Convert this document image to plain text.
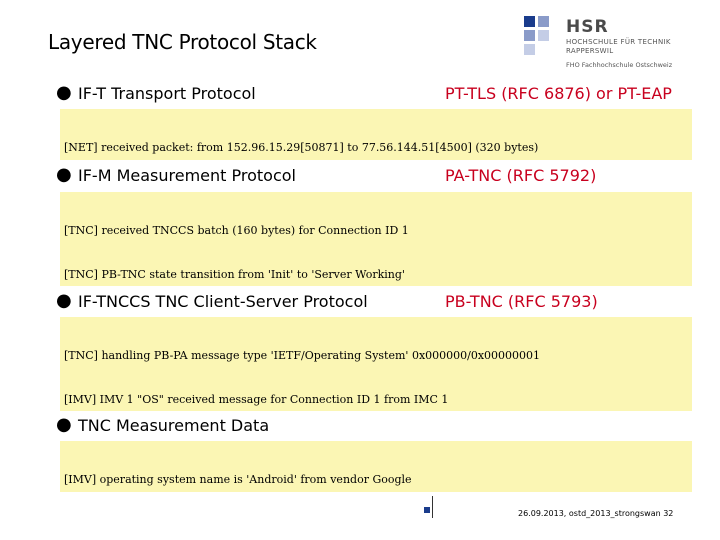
Layered TNC Protocol Stack
HSR
HOCHSCHULE FÜR TECHNIK
RAPPERSWIL
FHO Fachhochschule Ostschweiz
● IF-T Transport Protocol	PT-TLS (RFC 6876) or PT-EAP

[NET] received packet: from 152.96.15.29[50871] to 77.56.144.51[4500] (320 bytes)

● IF-M Measurement Protocol	PA-TNC (RFC 5792)

[TNC] received TNCCS batch (160 bytes) for Connection ID 1

[TNC] PB-TNC state transition from 'Init' to 'Server Working'

● IF-TNCCS TNC Client-Server Protocol	PB-TNC (RFC 5793)

[TNC] handling PB-PA message type 'IETF/Operating System' 0x000000/0x00000001

[IMV] IMV 1 "OS" received message for Connection ID 1 from IMC 1

● TNC Measurement Data

[IMV] operating system name is 'Android' from vendor Google

26.09.2013, ostd_2013_strongswan 32
